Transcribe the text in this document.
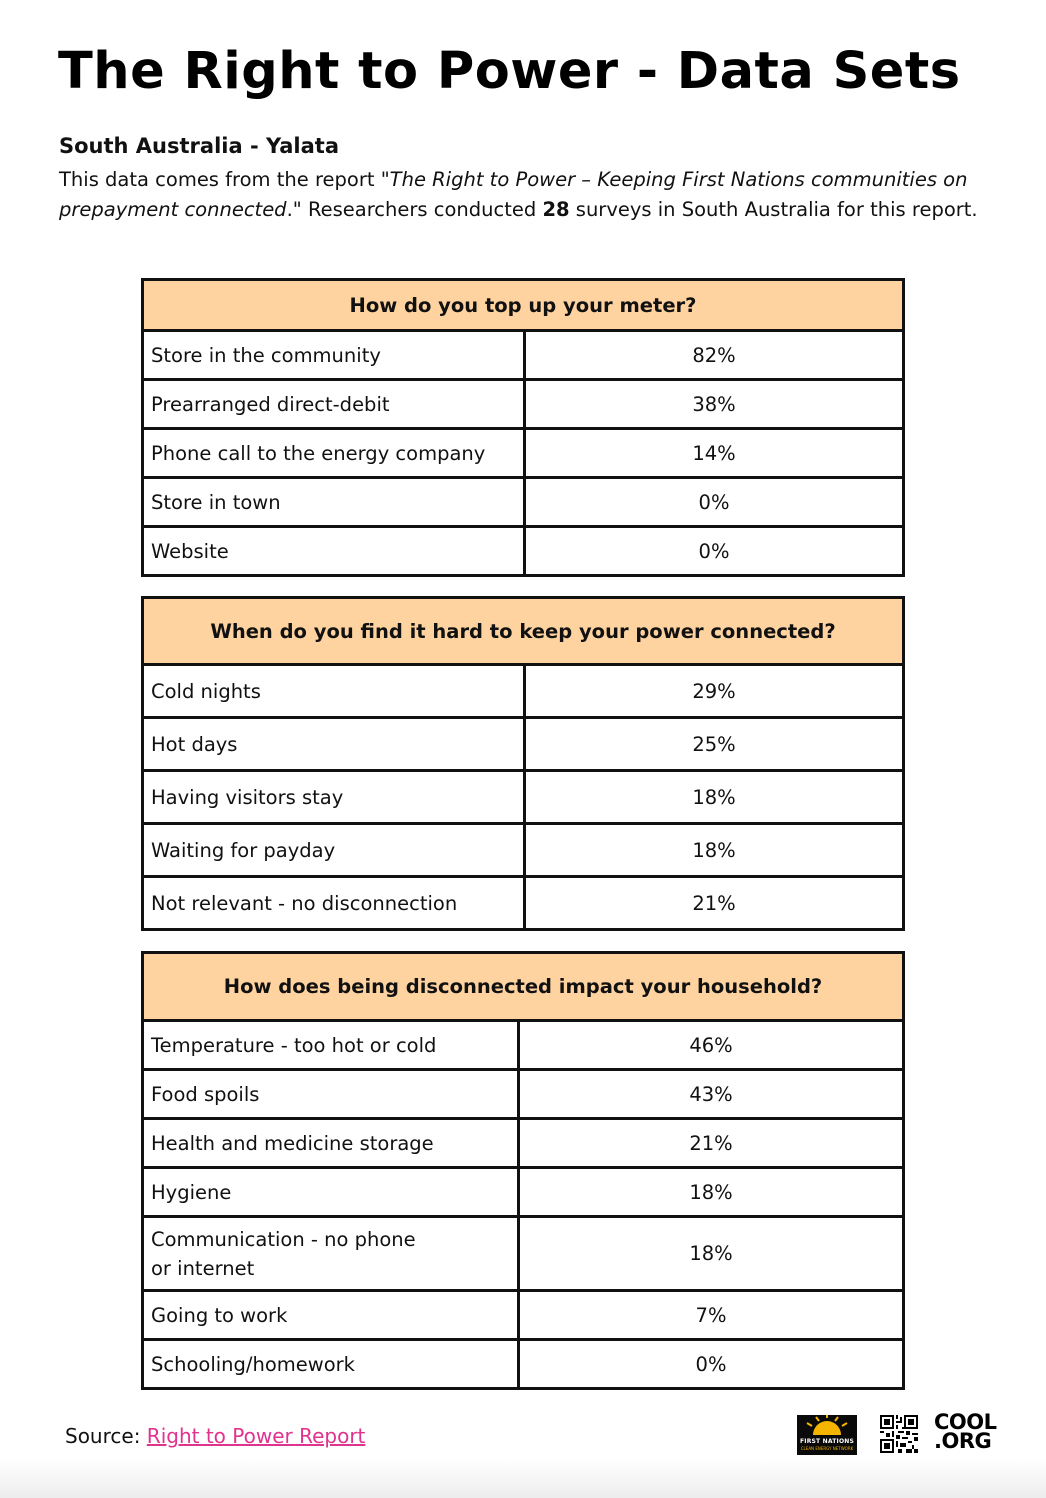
The Right to Power - Data Sets
South Australia - Yalata

This data comes from the report "The Right to Power – Keeping First Nations communities on prepayment connected." Researchers conducted 28 surveys in South Australia for this report.

How do you top up your meter?	
Store in the community	82%
Prearranged direct-debit	38%
Phone call to the energy company	14%
Store in town	0%
Website	0%
When do you find it hard to keep your power connected?	
Cold nights	29%
Hot days	25%
Having visitors stay	18%
Waiting for payday	18%
Not relevant - no disconnection	21%
How does being disconnected impact your household?	
Temperature - too hot or cold	46%
Food spoils	43%
Health and medicine storage	21%
Hygiene	18%
Communication - no phone or internet	18%
Going to work	7%
Schooling/homework	0%
Source: Right to Power Report	FIRST NATIONS
CLEAN ENERGY NETWORK
COOL
.ORG
